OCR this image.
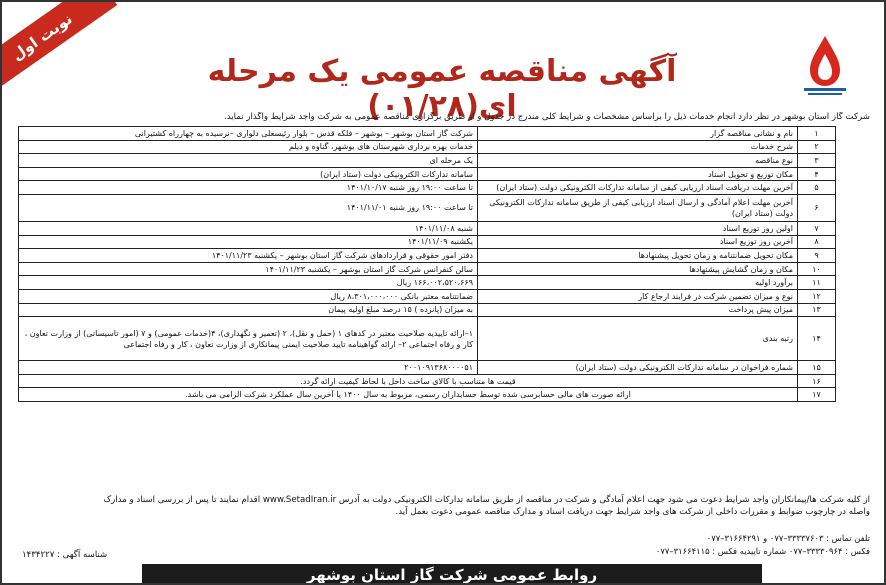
نوبت اول
آگهی مناقصه عمومی یک مرحله ای(۰۱/۲۸)
شرکت گاز استان بوشهر در نظر دارد انجام خدمات ذیل را براساس مشخصات و شرایط کلی مندرج در جدول و از طریق برگزاری مناقصه عمومی به شرکت واجد شرایط واگذار نماید.
۱	نام و نشانی مناقصه گزار	شرکت گاز استان بوشهر – بوشهر – فلکه قدس – بلوار رئیسعلی دلواری –نرسیده به چهارراه کشتیرانی
۲	شرح خدمات	خدمات بهره برداری شهرستان های بوشهر، گناوه و دیلم
۳	نوع مناقصه	یک مرحله ای
۴	مکان توزیع و تحویل اسناد	سامانه تدارکات الکترونیکی دولت (ستاد ایران)
۵	آخرین مهلت دریافت اسناد ارزیابی کیفی از سامانه تدارکات الکترونیکی دولت (ستاد ایران)	تا ساعت ۱۹:۰۰ روز شنبه ۱۴۰۱/۱۰/۱۷
۶	آخرین مهلت اعلام آمادگی و ارسال اسناد ارزیابی کیفی از طریق سامانه تدارکات الکترونیکی دولت (ستاد ایران)	تا ساعت ۱۹:۰۰ روز شنبه ۱۴۰۱/۱۱/۰۱
۷	اولین روز توزیع اسناد	شنبه ۱۴۰۱/۱۱/۰۸
۸	آخرین روز توزیع اسناد	یکشنبه ۱۴۰۱/۱۱/۰۹
۹	مکان تحویل ضمانتنامه و زمان تحویل پیشنهادها	دفتر امور حقوقی و قراردادهای شرکت گاز استان بوشهر – یکشنبه ۱۴۰۱/۱۱/۲۳
۱۰	مکان و زمان گشایش پیشنهادها	سالن کنفرانس شرکت گاز استان بوشهر – یکشنبه ۱۴۰۱/۱۱/۲۳
۱۱	برآورد اولیه	۱۶۶،۰۰۲،۵۲۰،۶۶۹ ریال
۱۲	نوع و میزان تضمین شرکت در فرایند ارجاع کار	ضمانتنامه معتبر بانکی ۸،۳۰۱،۰۰۰،۰۰۰ ریال
۱۳	میزان پیش پرداخت	به میزان (پانزده ) ۱۵ درصد مبلغ اولیه پیمان
۱۴	رتبه بندی	۱–ارائه تاییدیه صلاحیت معتبر در کدهای ۱ (حمل و نقل)، ۲ (تعمیر و نگهداری)، ۴(خدمات عمومی) و ۷ (امور تاسیساتی) از وزارت تعاون ، کار و رفاه اجتماعی ۲– ارائه گواهینامه تایید صلاحیت ایمنی پیمانکاری از وزارت تعاون ، کار و رفاه اجتماعی
۱۵	شماره فراخوان در سامانه تدارکات الکترونیکی دولت (ستاد ایران)	۲۰۰۱۰۹۱۳۶۸۰۰۰۰۵۱
۱۶	قیمت ها متناسب با کالای ساخت داخل با لحاظ کیفیت ارائه گردد.	
۱۷	ارائه صورت های مالی حسابرسی شده توسط حسابداران رسمی، مربوط به سال ۱۴۰۰ یا آخرین سال عملکرد شرکت الزامی می باشد.	
از کلیه شرکت ها/پیمانکاران واجد شرایط دعوت می شود جهت اعلام آمادگی و شرکت در مناقصه از طریق سامانه تدارکات الکترونیکی دولت به آدرس www.SetadIran.ir اقدام نمایند تا پس از بررسی اسناد و مدارک
واصله در چارچوب ضوابط و مقررات داخلی از شرکت های واجد شرایط جهت دریافت اسناد و مدارک مناقصه عمومی دعوت بعمل آید.
تلفن تماس : ۳۳۳۳۷۶۰۳–۰۷۷ و ۳۱۶۶۴۲۹۱–۰۷۷
فکس : ۳۳۳۳۰۹۶۴–۰۷۷ شماره تاییدیه فکس : ۳۱۶۶۴۱۱۵–۰۷۷
شناسه آگهی : ۱۴۳۴۲۲۷
روابط عمومی شرکت گاز استان بوشهر
